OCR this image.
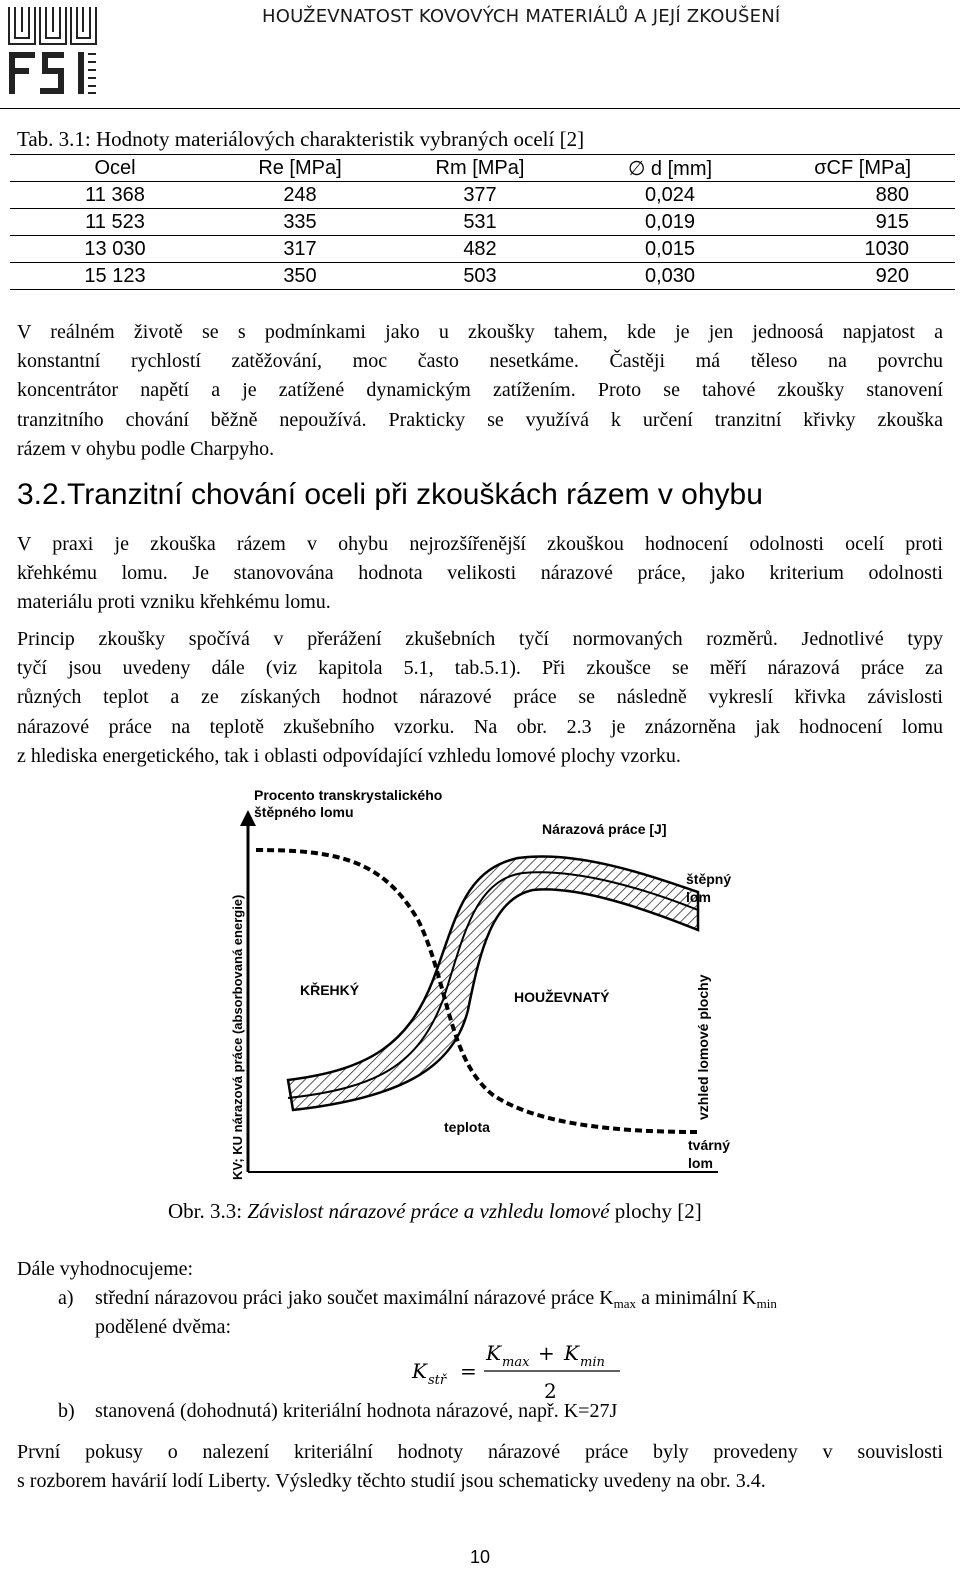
FSI
HOUŽEVNATOST KOVOVÝCH MATERIÁLŮ A JEJÍ ZKOUŠENÍ
Tab. 3.1: Hodnoty materiálových charakteristik vybraných ocelí [2]
Ocel	Re [MPa]	Rm [MPa]	∅ d [mm]	σCF [MPa]
11 368	248	377	0,024	880
11 523	335	531	0,019	915
13 030	317	482	0,015	1030
15 123	350	503	0,030	920
V reálném životě se s podmínkami jako u zkoušky tahem, kde je jen jednoosá napjatost a
konstantní rychlostí zatěžování, moc často nesetkáme. Častěji má těleso na povrchu
koncentrátor napětí a je zatížené dynamickým zatížením. Proto se tahové zkoušky stanovení
tranzitního chování běžně nepoužívá. Prakticky se využívá k určení tranzitní křivky zkouška
rázem v ohybu podle Charpyho.
3.2.Tranzitní chování oceli při zkouškách rázem v ohybu
V praxi je zkouška rázem v ohybu nejrozšířenější zkouškou hodnocení odolnosti ocelí proti
křehkému lomu. Je stanovována hodnota velikosti nárazové práce, jako kriterium odolnosti
materiálu proti vzniku křehkému lomu.
Princip zkoušky spočívá v přerážení zkušebních tyčí normovaných rozměrů. Jednotlivé typy
tyčí jsou uvedeny dále (viz kapitola 5.1, tab.5.1). Při zkoušce se měří nárazová práce za
různých teplot a ze získaných hodnot nárazové práce se následně vykreslí křivka závislosti
nárazové práce na teplotě zkušebního vzorku. Na obr. 2.3 je znázorněna jak hodnocení lomu
z hlediska energetického, tak i oblasti odpovídající vzhledu lomové plochy vzorku.
Procento transkrystalického
štěpného lomu
Nárazová práce [J]
KŘEHKÝ	HOUŽEVNATÝ
štěpný
lom
tvárný
lom
vzhled lomové plochy
teplota
KV; KU nárazová práce (absorbovaná energie)
Obr. 3.3: Závislost nárazové práce a vzhledu lomové plochy [2]
Dále vyhodnocujeme:
a) střední nárazovou práci jako součet maximální nárazové práce $K_{max}$ a minimální $K_{min}$
podělené dvěma:
K stř =
K max + K min
2
b) stanovená (dohodnutá) kriteriální hodnota nárazové, např. K=27J
První pokusy o nalezení kriteriální hodnoty nárazové práce byly provedeny v souvislosti
s rozborem havárií lodí Liberty. Výsledky těchto studií jsou schematicky uvedeny na obr. 3.4.
10
